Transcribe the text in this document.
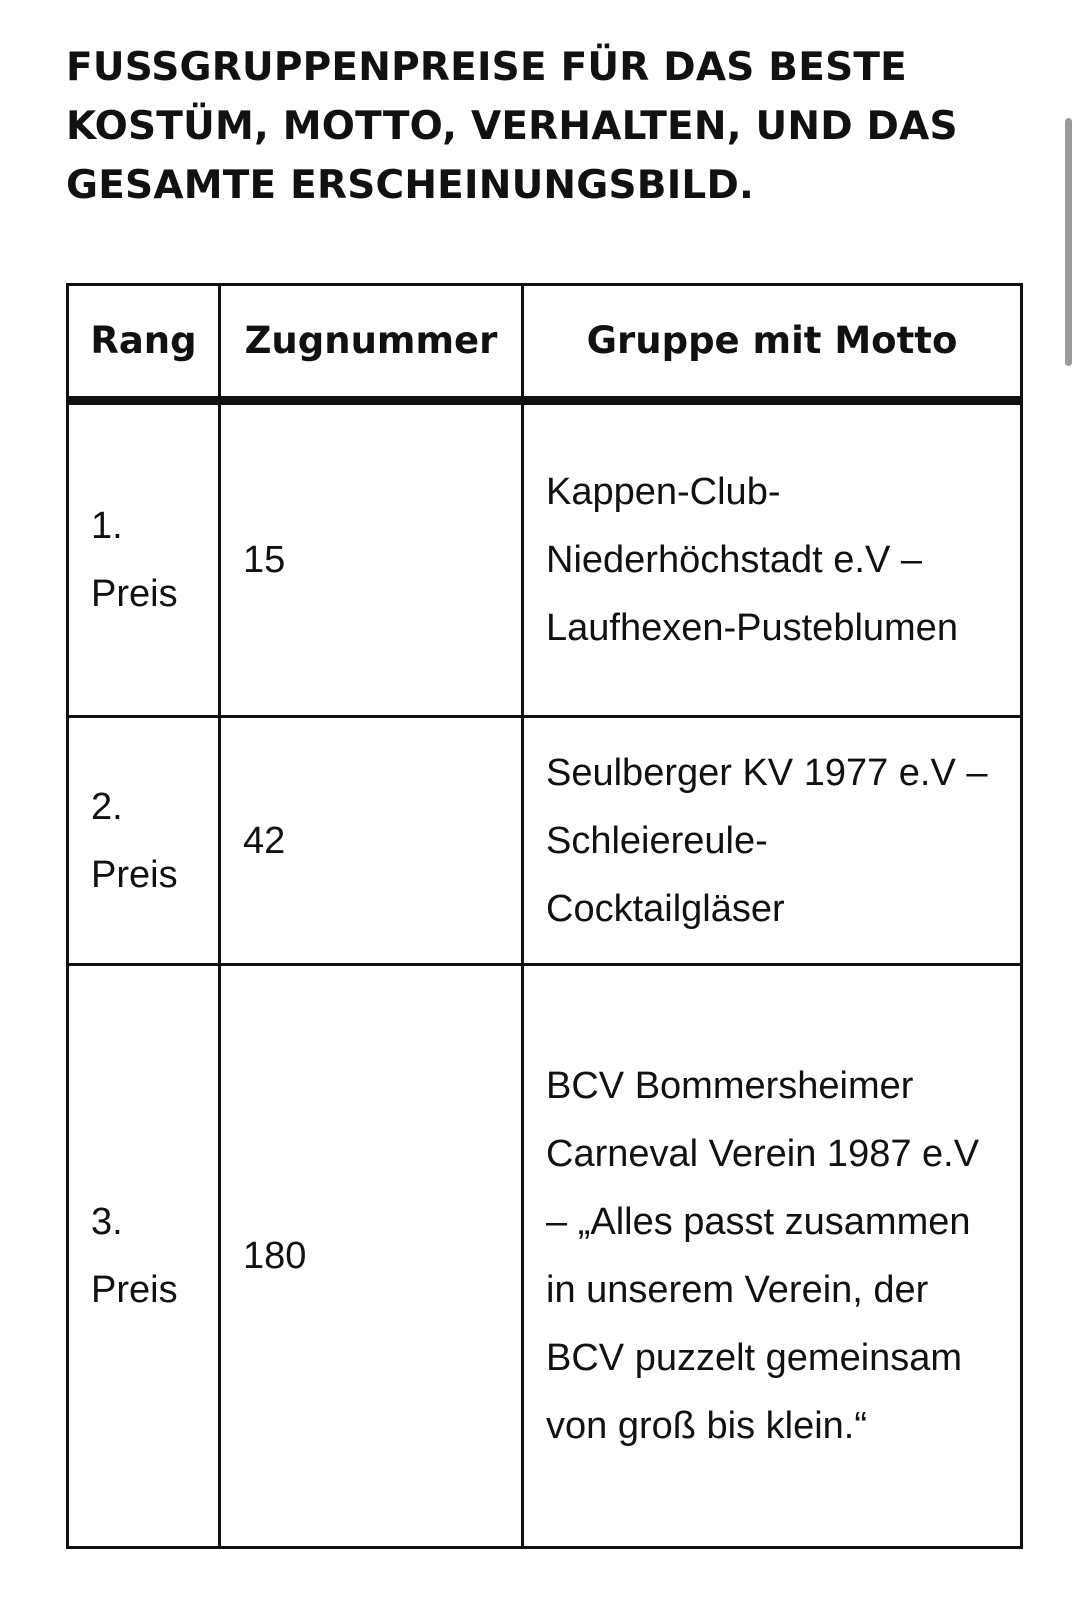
FUSSGRUPPENPREISE FÜR DAS BESTE KOSTÜM, MOTTO, VERHALTEN, UND DAS GESAMTE ERSCHEINUNGSBILD.
Rang	Zugnummer	Gruppe mit Motto
1. Preis	15	Kappen-Club-Niederhöchstadt e.V – Laufhexen-Pusteblumen
2. Preis	42	Seulberger KV 1977 e.V – Schleiereule-Cocktailgläser
3. Preis	180	BCV Bommersheimer Carneval Verein 1987 e.V – „Alles passt zusammen in unserem Verein, der BCV puzzelt gemeinsam von groß bis klein.“
